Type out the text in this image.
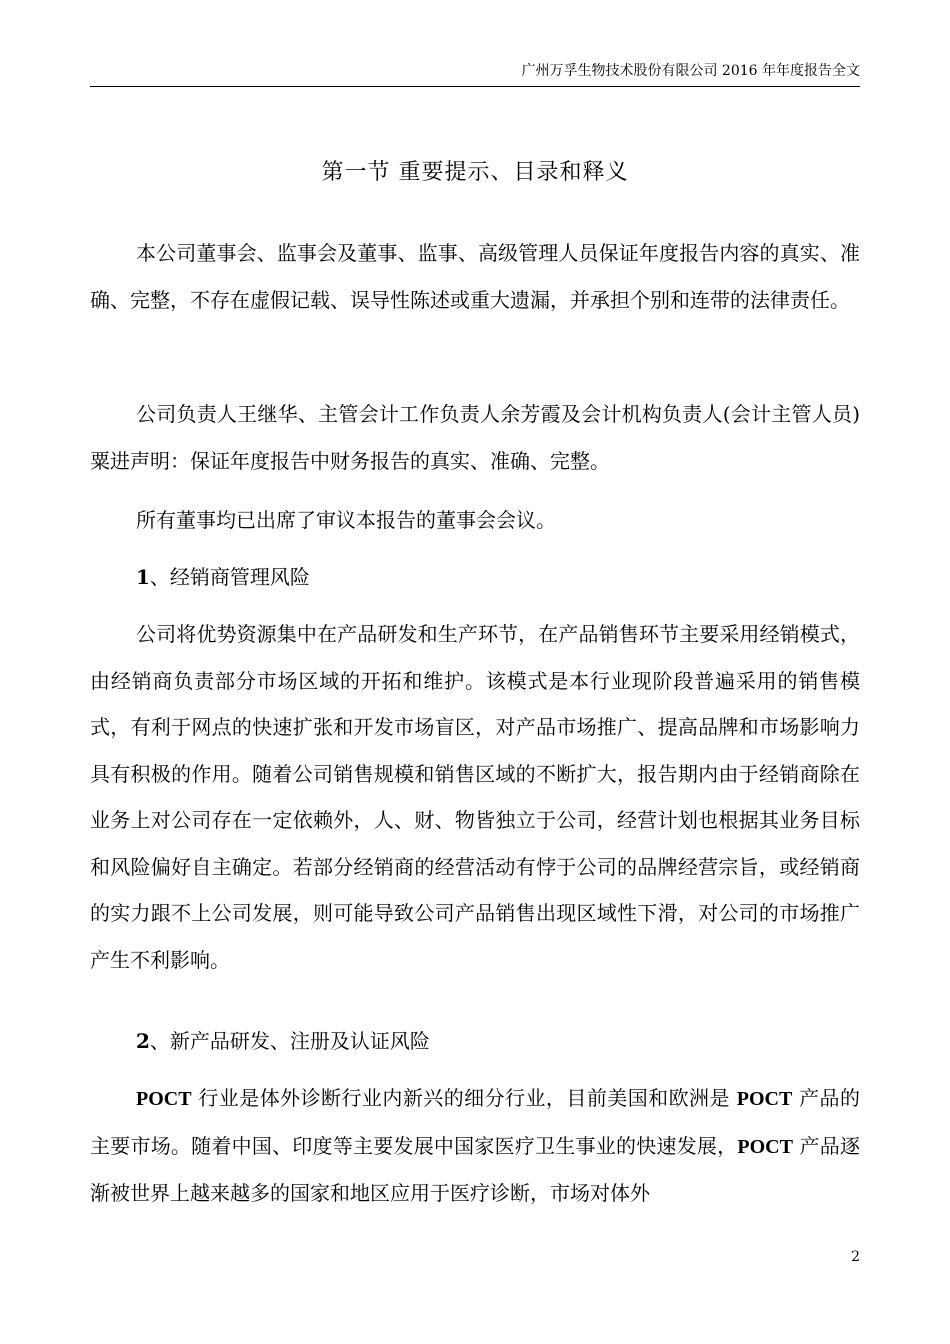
广州万孚生物技术股份有限公司 2016 年年度报告全文
第一节 重要提示、目录和释义

本公司董事会、监事会及董事、监事、高级管理人员保证年度报告内容的真实、准确、完整，不存在虚假记载、误导性陈述或重大遗漏，并承担个别和连带的法律责任。

公司负责人王继华、主管会计工作负责人余芳霞及会计机构负责人(会计主管人员)粟进声明：保证年度报告中财务报告的真实、准确、完整。

所有董事均已出席了审议本报告的董事会会议。

1、经销商管理风险

公司将优势资源集中在产品研发和生产环节，在产品销售环节主要采用经销模式，由经销商负责部分市场区域的开拓和维护。该模式是本行业现阶段普遍采用的销售模式，有利于网点的快速扩张和开发市场盲区，对产品市场推广、提高品牌和市场影响力具有积极的作用。随着公司销售规模和销售区域的不断扩大，报告期内由于经销商除在业务上对公司存在一定依赖外，人、财、物皆独立于公司，经营计划也根据其业务目标和风险偏好自主确定。若部分经销商的经营活动有悖于公司的品牌经营宗旨，或经销商的实力跟不上公司发展，则可能导致公司产品销售出现区域性下滑，对公司的市场推广产生不利影响。

2、新产品研发、注册及认证风险

POCT 行业是体外诊断行业内新兴的细分行业，目前美国和欧洲是 POCT 产品的主要市场。随着中国、印度等主要发展中国家医疗卫生事业的快速发展，POCT 产品逐渐被世界上越来越多的国家和地区应用于医疗诊断，市场对体外

2
